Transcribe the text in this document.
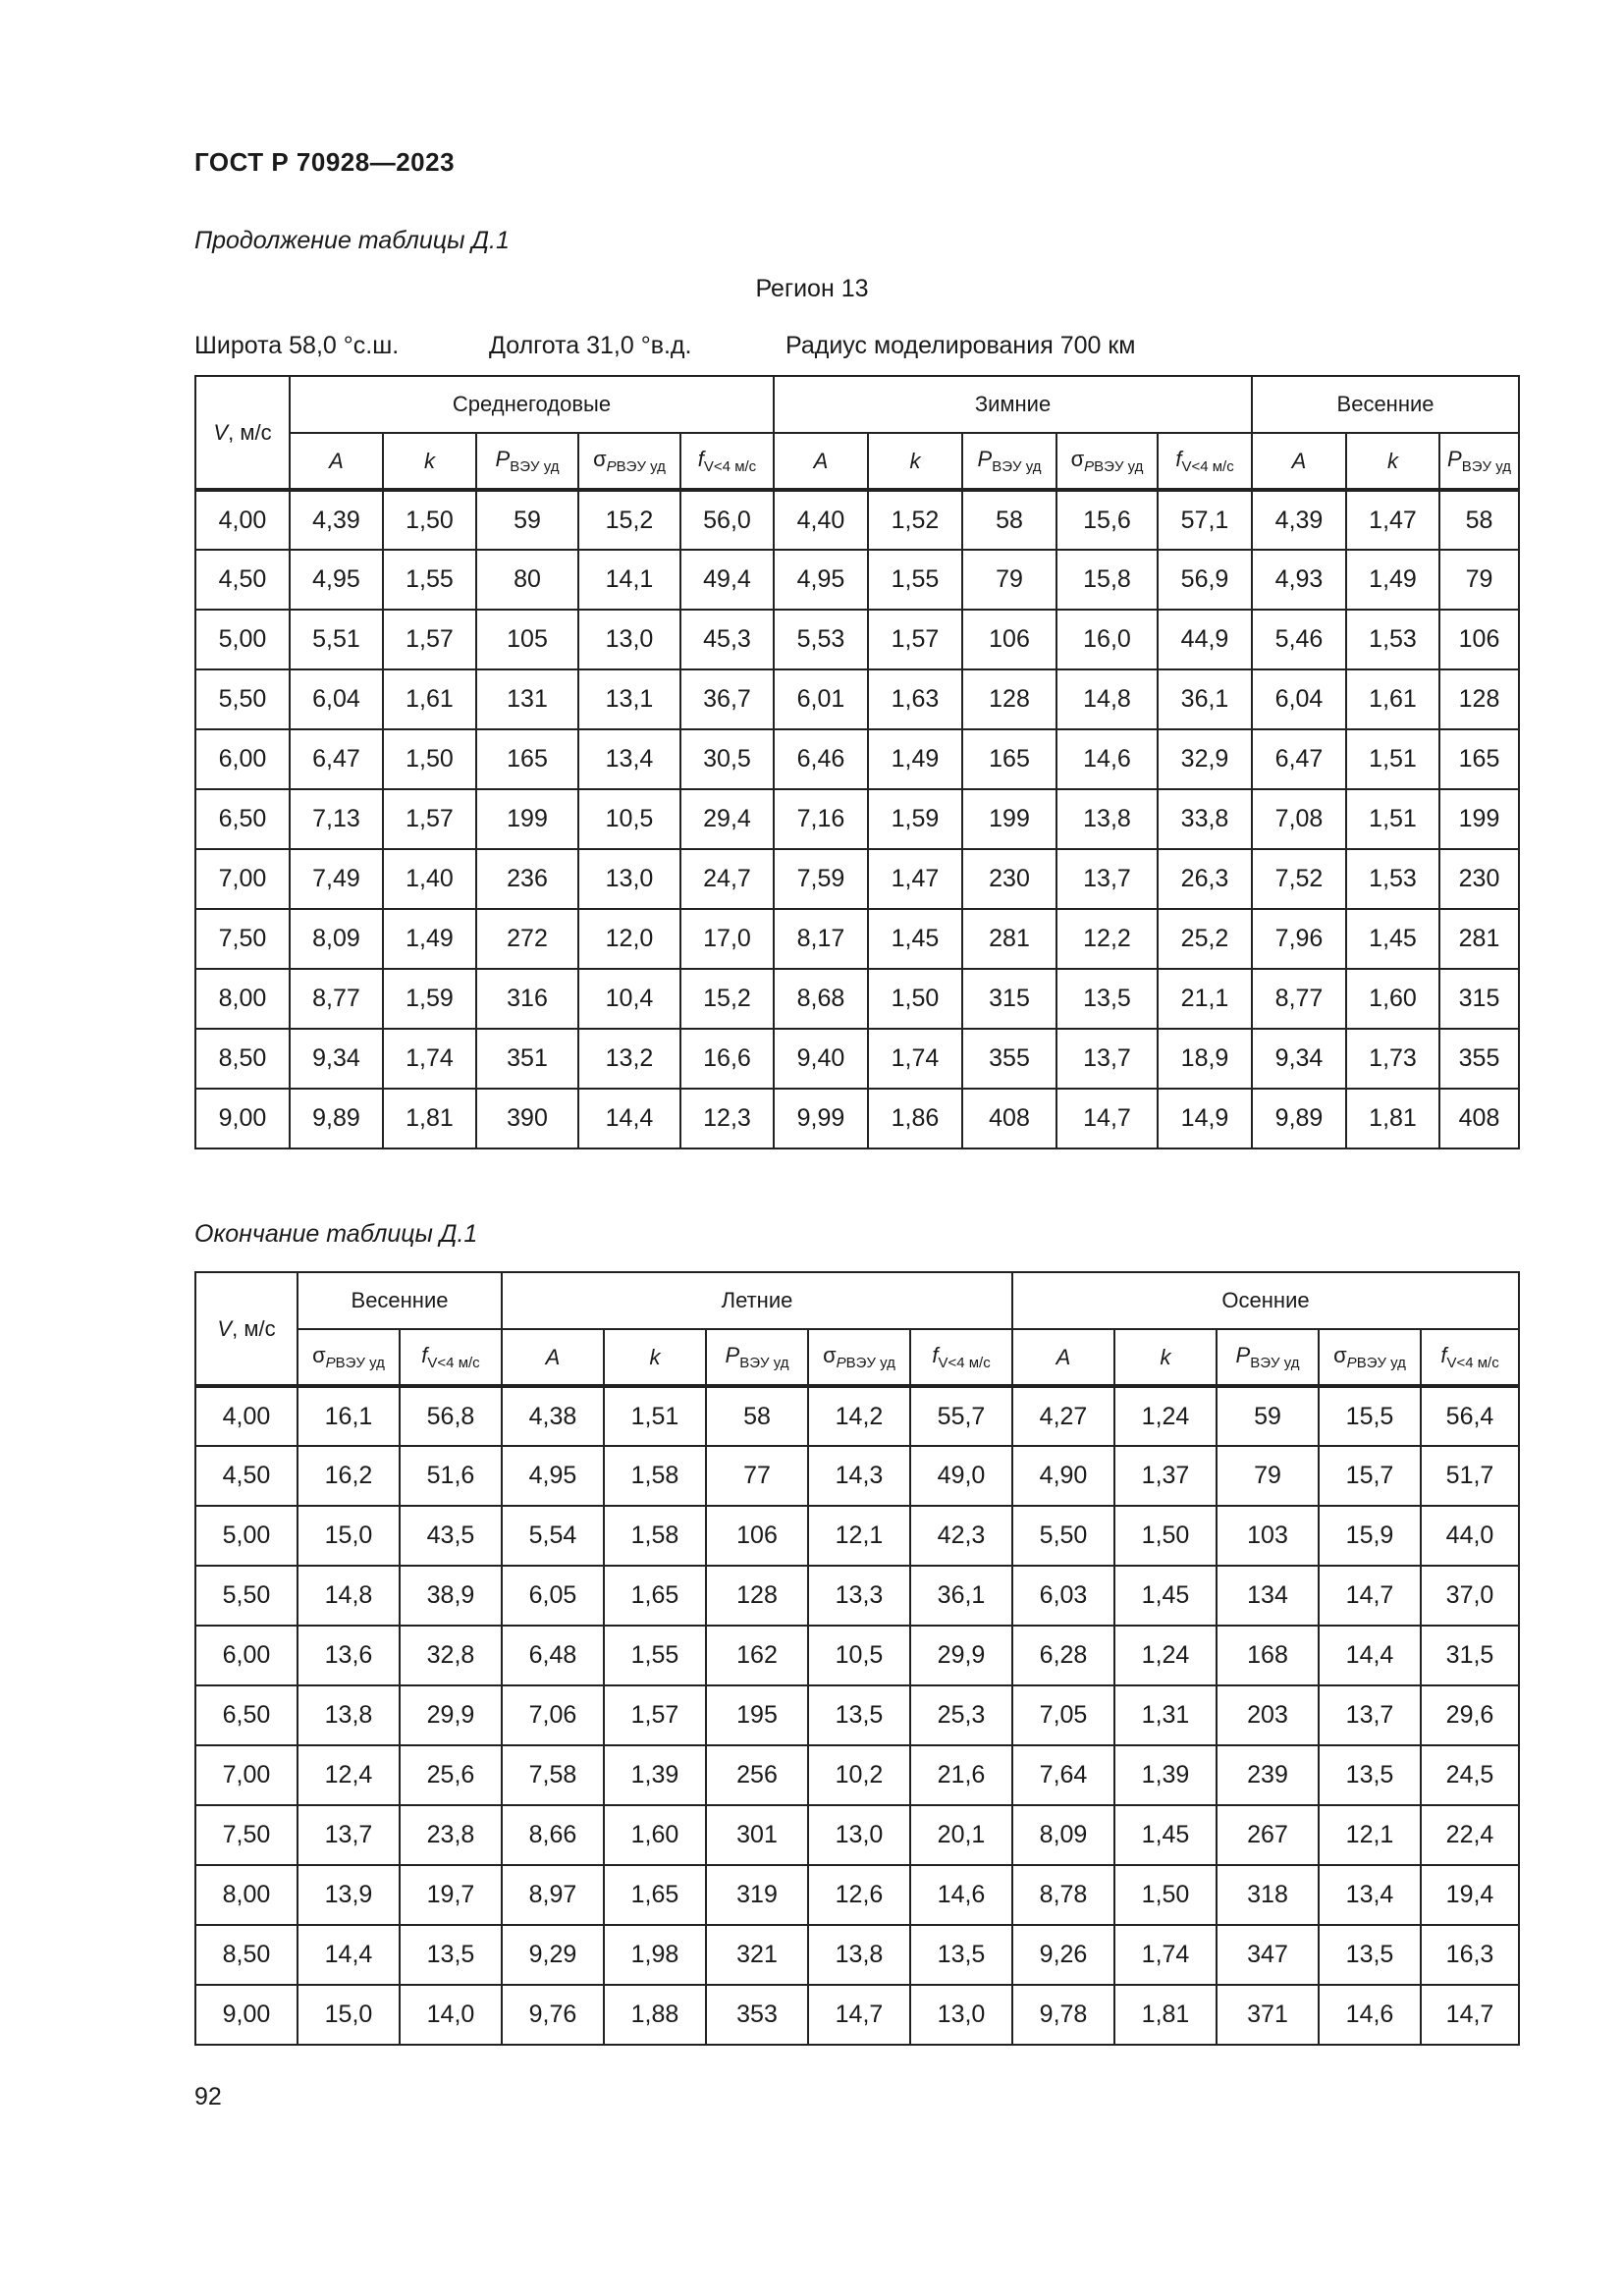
ГОСТ Р 70928—2023
Продолжение таблицы Д.1
Регион 13
Широта 58,0 °с.ш.	Долгота 31,0 °в.д.	Радиус моделирования 700 км
V, м/с	Среднегодовые					Зимние					Весенние		
	A	k	$P_{ВЭУ уд}$	$\sigma_{PВЭУ уд}$	$f_{V<4 м/с}$	A	k	$P_{ВЭУ уд}$	$\sigma_{PВЭУ уд}$	$f_{V<4 м/с}$	A	k	$P_{ВЭУ уд}$
4,00	4,39	1,50	59	15,2	56,0	4,40	1,52	58	15,6	57,1	4,39	1,47	58
4,50	4,95	1,55	80	14,1	49,4	4,95	1,55	79	15,8	56,9	4,93	1,49	79
5,00	5,51	1,57	105	13,0	45,3	5,53	1,57	106	16,0	44,9	5,46	1,53	106
5,50	6,04	1,61	131	13,1	36,7	6,01	1,63	128	14,8	36,1	6,04	1,61	128
6,00	6,47	1,50	165	13,4	30,5	6,46	1,49	165	14,6	32,9	6,47	1,51	165
6,50	7,13	1,57	199	10,5	29,4	7,16	1,59	199	13,8	33,8	7,08	1,51	199
7,00	7,49	1,40	236	13,0	24,7	7,59	1,47	230	13,7	26,3	7,52	1,53	230
7,50	8,09	1,49	272	12,0	17,0	8,17	1,45	281	12,2	25,2	7,96	1,45	281
8,00	8,77	1,59	316	10,4	15,2	8,68	1,50	315	13,5	21,1	8,77	1,60	315
8,50	9,34	1,74	351	13,2	16,6	9,40	1,74	355	13,7	18,9	9,34	1,73	355
9,00	9,89	1,81	390	14,4	12,3	9,99	1,86	408	14,7	14,9	9,89	1,81	408
Окончание таблицы Д.1
V, м/с	Весенние		Летние					Осенние				
	$\sigma_{PВЭУ уд}$	$f_{V<4 м/с}$	A	k	$P_{ВЭУ уд}$	$\sigma_{PВЭУ уд}$	$f_{V<4 м/с}$	A	k	$P_{ВЭУ уд}$	$\sigma_{PВЭУ уд}$	$f_{V<4 м/с}$
4,00	16,1	56,8	4,38	1,51	58	14,2	55,7	4,27	1,24	59	15,5	56,4
4,50	16,2	51,6	4,95	1,58	77	14,3	49,0	4,90	1,37	79	15,7	51,7
5,00	15,0	43,5	5,54	1,58	106	12,1	42,3	5,50	1,50	103	15,9	44,0
5,50	14,8	38,9	6,05	1,65	128	13,3	36,1	6,03	1,45	134	14,7	37,0
6,00	13,6	32,8	6,48	1,55	162	10,5	29,9	6,28	1,24	168	14,4	31,5
6,50	13,8	29,9	7,06	1,57	195	13,5	25,3	7,05	1,31	203	13,7	29,6
7,00	12,4	25,6	7,58	1,39	256	10,2	21,6	7,64	1,39	239	13,5	24,5
7,50	13,7	23,8	8,66	1,60	301	13,0	20,1	8,09	1,45	267	12,1	22,4
8,00	13,9	19,7	8,97	1,65	319	12,6	14,6	8,78	1,50	318	13,4	19,4
8,50	14,4	13,5	9,29	1,98	321	13,8	13,5	9,26	1,74	347	13,5	16,3
9,00	15,0	14,0	9,76	1,88	353	14,7	13,0	9,78	1,81	371	14,6	14,7
92
